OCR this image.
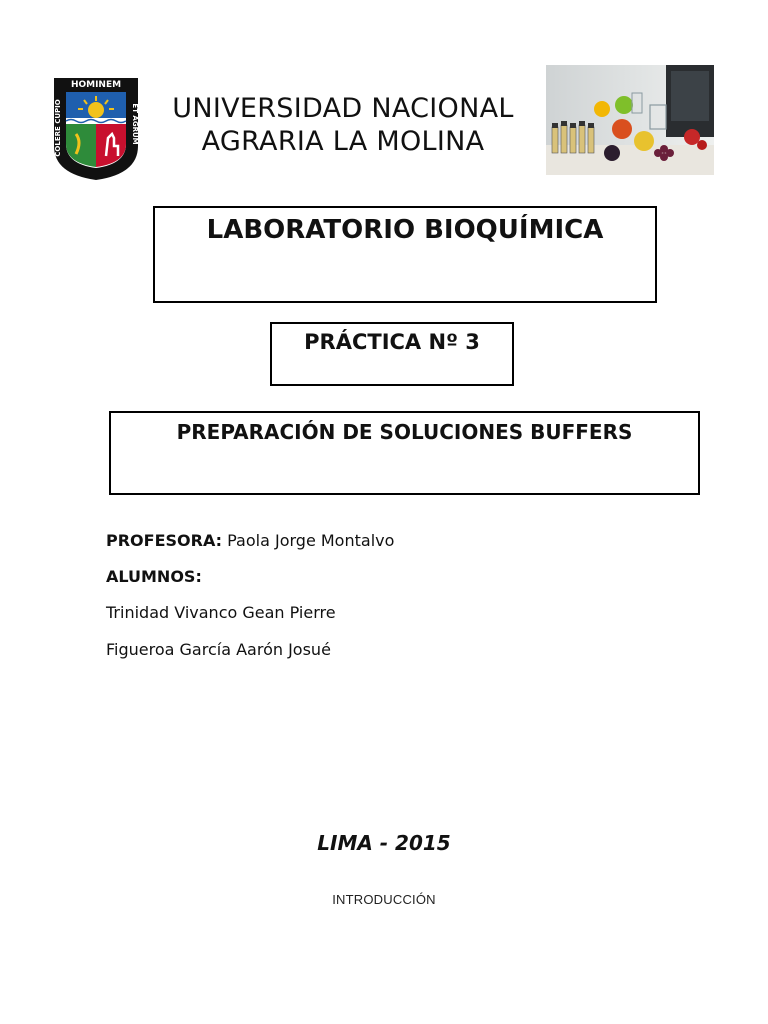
HOMINEM
ET AGRUM
COLERE CUPIO	UNIVERSIDAD NACIONAL
AGRARIA LA MOLINA
LABORATORIO BIOQUÍMICA
PRÁCTICA Nº 3
PREPARACIÓN DE SOLUCIONES BUFFERS
PROFESORA: Paola Jorge Montalvo
ALUMNOS:
Trinidad Vivanco Gean Pierre
Figueroa García Aarón Josué
LIMA - 2015
INTRODUCCIÓN
